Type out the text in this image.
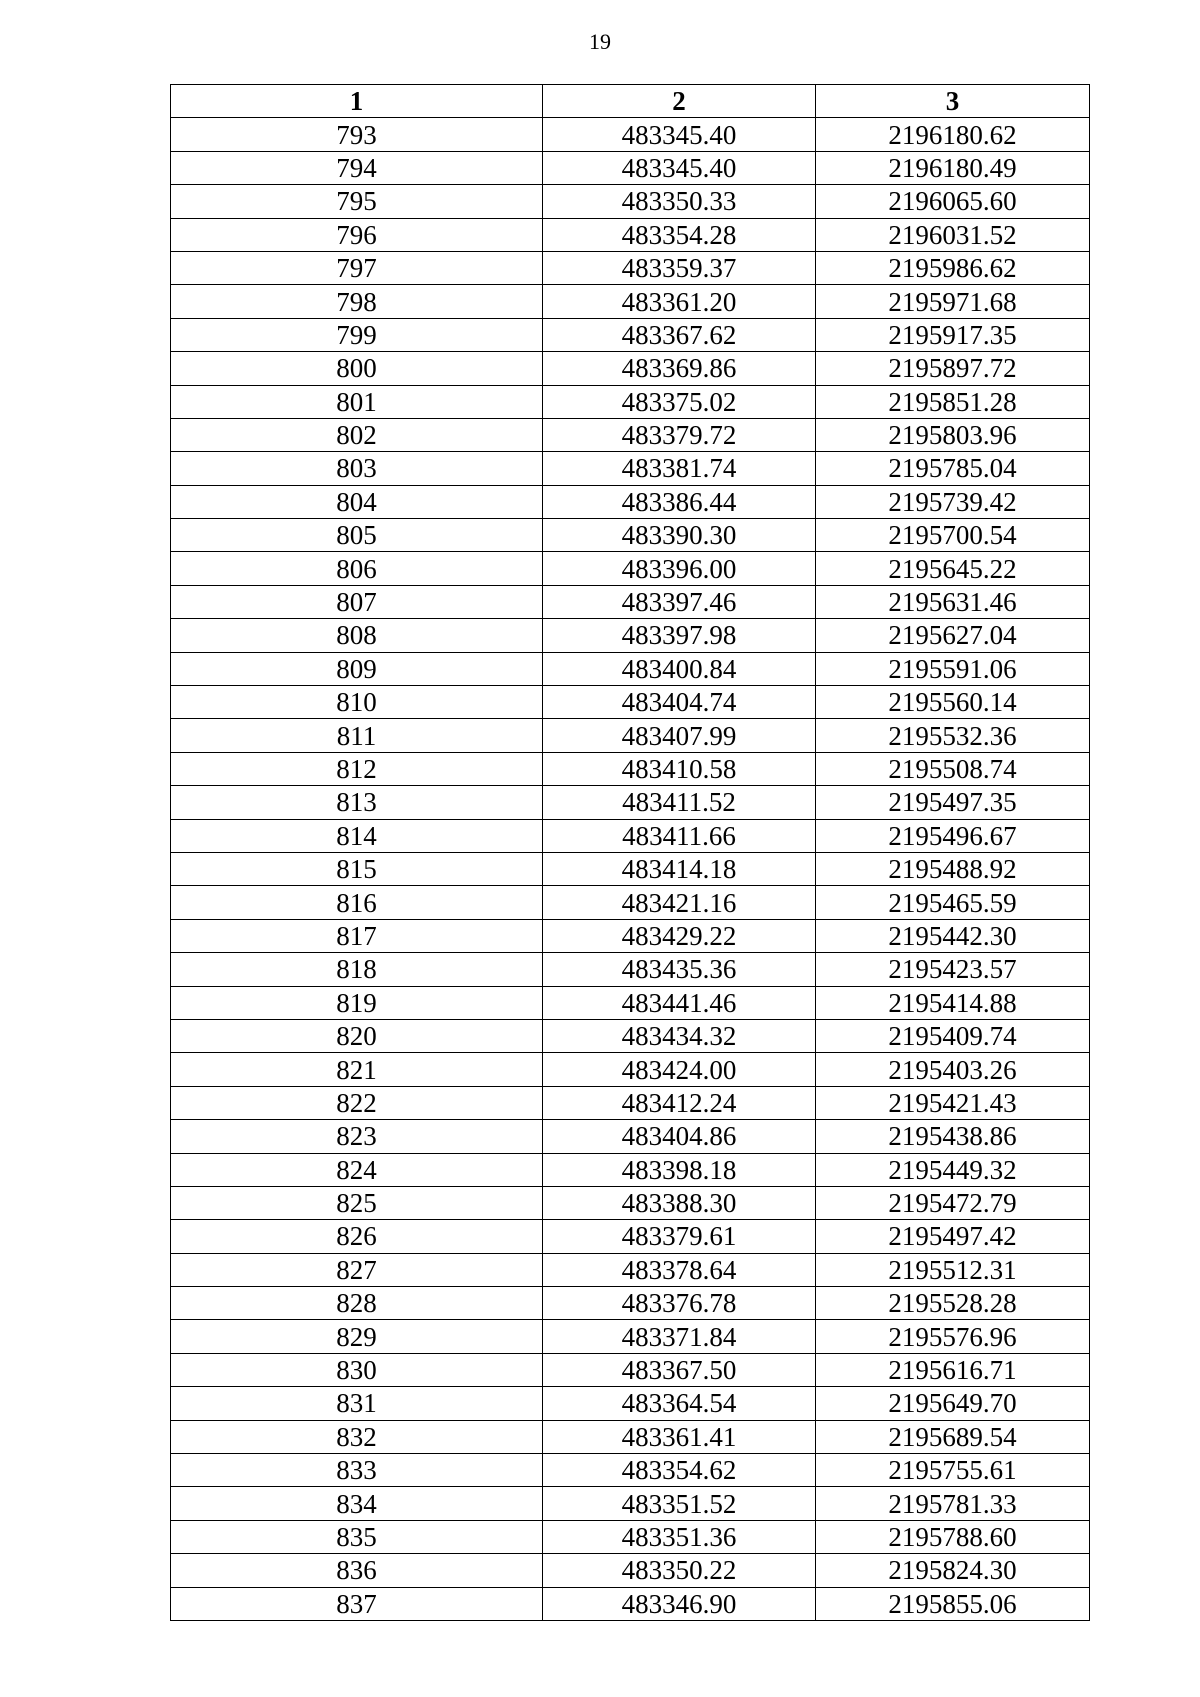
19
1	2	3
793	483345.40	2196180.62
794	483345.40	2196180.49
795	483350.33	2196065.60
796	483354.28	2196031.52
797	483359.37	2195986.62
798	483361.20	2195971.68
799	483367.62	2195917.35
800	483369.86	2195897.72
801	483375.02	2195851.28
802	483379.72	2195803.96
803	483381.74	2195785.04
804	483386.44	2195739.42
805	483390.30	2195700.54
806	483396.00	2195645.22
807	483397.46	2195631.46
808	483397.98	2195627.04
809	483400.84	2195591.06
810	483404.74	2195560.14
811	483407.99	2195532.36
812	483410.58	2195508.74
813	483411.52	2195497.35
814	483411.66	2195496.67
815	483414.18	2195488.92
816	483421.16	2195465.59
817	483429.22	2195442.30
818	483435.36	2195423.57
819	483441.46	2195414.88
820	483434.32	2195409.74
821	483424.00	2195403.26
822	483412.24	2195421.43
823	483404.86	2195438.86
824	483398.18	2195449.32
825	483388.30	2195472.79
826	483379.61	2195497.42
827	483378.64	2195512.31
828	483376.78	2195528.28
829	483371.84	2195576.96
830	483367.50	2195616.71
831	483364.54	2195649.70
832	483361.41	2195689.54
833	483354.62	2195755.61
834	483351.52	2195781.33
835	483351.36	2195788.60
836	483350.22	2195824.30
837	483346.90	2195855.06
